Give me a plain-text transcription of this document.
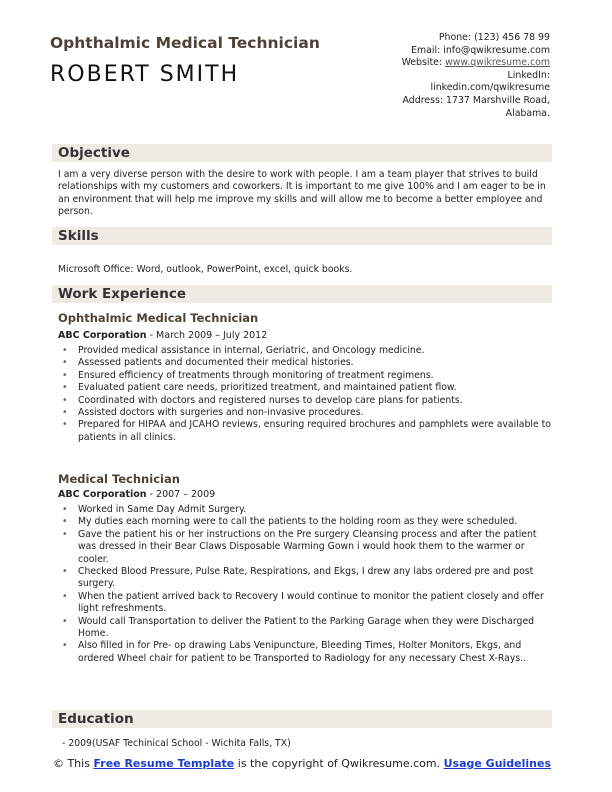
Ophthalmic Medical Technician
ROBERT SMITH
Phone: (123) 456 78 99
Email: info@qwikresume.com
Website: www.qwikresume.com
LinkedIn:
linkedin.com/qwikresume
Address: 1737 Marshville Road,
Alabama.
Objective
I am a very diverse person with the desire to work with people. I am a team player that strives to build relationships with my customers and coworkers. It is important to me give 100% and I am eager to be in an environment that will help me improve my skills and will allow me to become a better employee and person.
Skills
Microsoft Office: Word, outlook, PowerPoint, excel, quick books.
Work Experience
Ophthalmic Medical Technician
ABC Corporation - March 2009 – July 2012
• Provided medical assistance in internal, Geriatric, and Oncology medicine.
• Assessed patients and documented their medical histories.
• Ensured efficiency of treatments through monitoring of treatment regimens.
• Evaluated patient care needs, prioritized treatment, and maintained patient flow.
• Coordinated with doctors and registered nurses to develop care plans for patients.
• Assisted doctors with surgeries and non-invasive procedures.
• Prepared for HIPAA and JCAHO reviews, ensuring required brochures and pamphlets were available to patients in all clinics.
Medical Technician
ABC Corporation - 2007 – 2009
• Worked in Same Day Admit Surgery.
• My duties each morning were to call the patients to the holding room as they were scheduled.
• Gave the patient his or her instructions on the Pre surgery Cleansing process and after the patient was dressed in their Bear Claws Disposable Warming Gown i would hook them to the warmer or cooler.
• Checked Blood Pressure, Pulse Rate, Respirations, and Ekgs, I drew any labs ordered pre and post surgery.
• When the patient arrived back to Recovery I would continue to monitor the patient closely and offer light refreshments.
• Would call Transportation to deliver the Patient to the Parking Garage when they were Discharged Home.
• Also filled in for Pre- op drawing Labs Venipuncture, Bleeding Times, Holter Monitors, Ekgs, and ordered Wheel chair for patient to be Transported to Radiology for any necessary Chest X-Rays..
Education
- 2009(USAF Techinical School - Wichita Falls, TX)
© This Free Resume Template is the copyright of Qwikresume.com. Usage Guidelines
